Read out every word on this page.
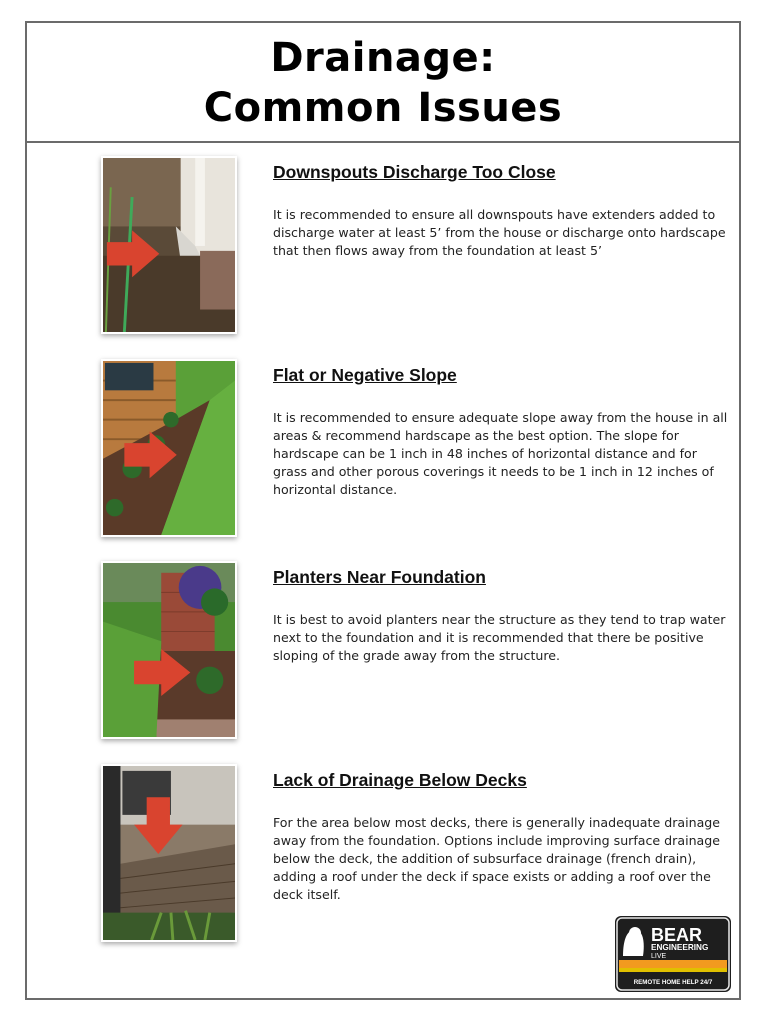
Drainage:
Common Issues
Downspouts Discharge Too Close
It is recommended to ensure all downspouts have extenders added to discharge water at least 5’ from the house or discharge onto hardscape that then flows away from the foundation at least 5’
Flat or Negative Slope
It is recommended to ensure adequate slope away from the house in all areas & recommend hardscape as the best option. The slope for hardscape can be 1 inch in 48 inches of horizontal distance and for grass and other porous coverings it needs to be 1 inch in 12 inches of horizontal distance.
Planters Near Foundation
It is best to avoid planters near the structure as they tend to trap water next to the foundation and it is recommended that there be positive sloping of the grade away from the structure.
Lack of Drainage Below Decks
For the area below most decks, there is generally inadequate drainage away from the foundation. Options include improving surface drainage below the deck, the addition of subsurface drainage (french drain), adding a roof under the deck if space exists or adding a roof over the deck itself.
BEAR
ENGINEERING
LIVE
REMOTE HOME HELP 24/7
